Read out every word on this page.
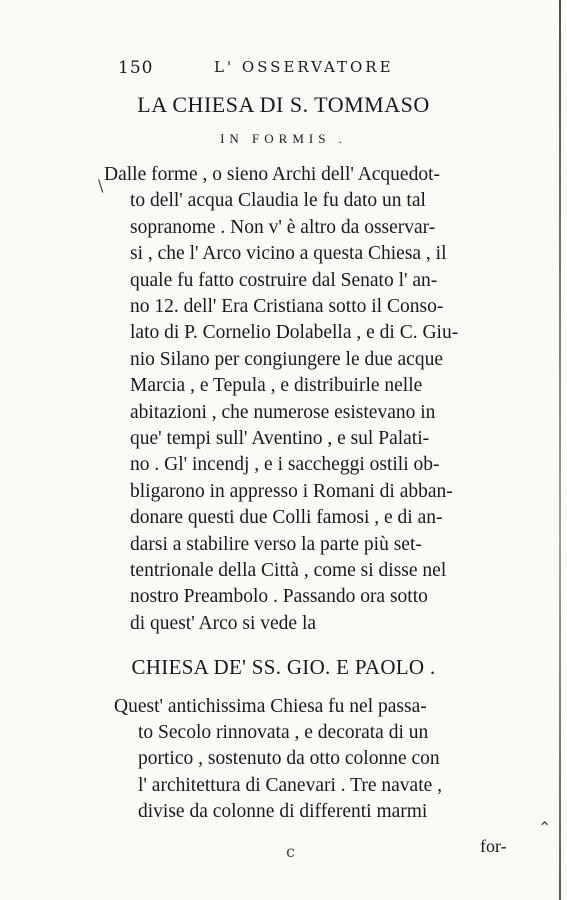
150	L' OSSERVATORE
LA CHIESA DI S. TOMMASO
IN FORMIS .
\
Dalle forme , o sieno Archi dell' Acquedot-
to dell' acqua Claudia le fu dato un tal
sopranome . Non v' è altro da osservar-
si , che l' Arco vicino a questa Chiesa , il
quale fu fatto costruire dal Senato l' an-
no 12. dell' Era Cristiana sotto il Conso-
lato di P. Cornelio Dolabella , e di C. Giu-
nio Silano per congiungere le due acque
Marcia , e Tepula , e distribuirle nelle
abitazioni , che numerose esistevano in
que' tempi sull' Aventino , e sul Palati-
no . Gl' incendj , e i saccheggi ostili ob-
bligarono in appresso i Romani di abban-
donare questi due Colli famosi , e di an-
darsi a stabilire verso la parte più set-
tentrionale della Città , come si disse nel
nostro Preambolo . Passando ora sotto
di quest' Arco si vede la
CHIESA DE' SS. GIO. E PAOLO .
Quest' antichissima Chiesa fu nel passa-
to Secolo rinnovata , e decorata di un
portico , sostenuto da otto colonne con
l' architettura di Canevari . Tre navate ,
divise da colonne di differenti marmi
⌃
c	for-
